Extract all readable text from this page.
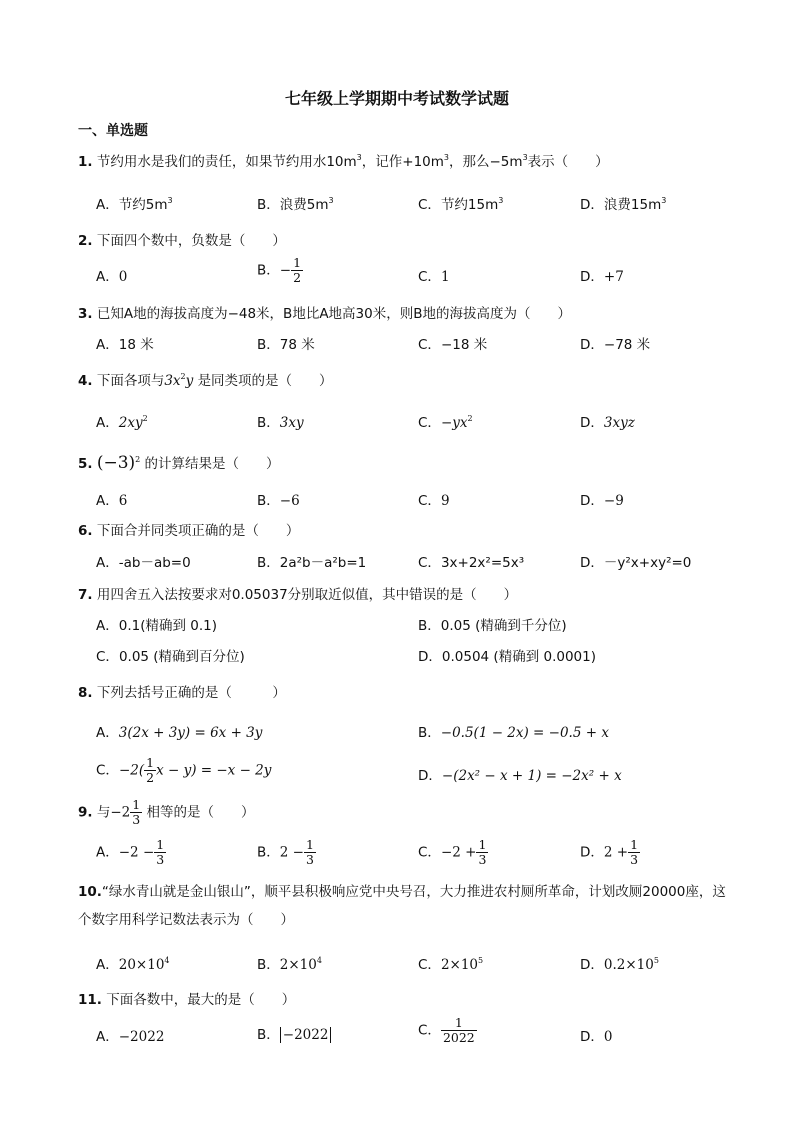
七年级上学期期中考试数学试题
一、单选题
1. 节约用水是我们的责任，如果节约用水$10m^3$，记作$+10m^3$，那么$-5m^3$表示（　　）
A．节约$5m^3$	B．浪费$5m^3$	C．节约$15m^3$	D．浪费$15m^3$
2. 下面四个数中，负数是（　　）
A．0	B．− $\frac{1}{2}$	C．1	D．+7
3. 已知A地的海拔高度为−48米，B地比A地高30米，则B地的海拔高度为（　　）
A．18 米	B．78 米	C．−18 米	D．−78 米
4. 下面各项与$3x^2y$ 是同类项的是（　　）
A．$2xy^2$	B．3xy	C．$-yx^2$	D．3xyz
5. $(-3)^2$ 的计算结果是（　　）
A．6	B．−6	C．9	D．−9
6. 下面合并同类项正确的是（　　）
A．-ab－ab=0	B．2a²b－a²b=1	C．3x+2x²=5x³	D．－y²x+xy²=0
7. 用四舍五入法按要求对0.05037分别取近似值，其中错误的是（　　）
A．0.1(精确到 0.1)	B．0.05 (精确到千分位)
C．0.05 (精确到百分位)	D．0.0504 (精确到 0.0001)
8. 下列去括号正确的是（　　　）
A．3(2x + 3y) = 6x + 3y	B．−0.5(1 − 2x) = −0.5 + x
C．$-2( \frac{1}{2}$ x − y) = −x − 2y	D．−(2x² − x + 1) = −2x² + x
9. 与$-2 \frac{1}{3}$ 相等的是（　　）
A．$-2 - \frac{1}{3}$	B．$2 - \frac{1}{3}$	C．$-2 + \frac{1}{3}$	D．$2 + \frac{1}{3}$
10.“绿水青山就是金山银山”，顺平县积极响应党中央号召，大力推进农村厕所革命，计划改厕20000座，这个数字用科学记数法表示为（　　）
A．$20\times 10^4$	B．$2\times 10^4$	C．$2\times 10^5$	D．$0.2\times 10^5$
11. 下面各数中，最大的是（　　）
A．−2022	B． −2022	C． $\frac{1}{2022}$	D．0
